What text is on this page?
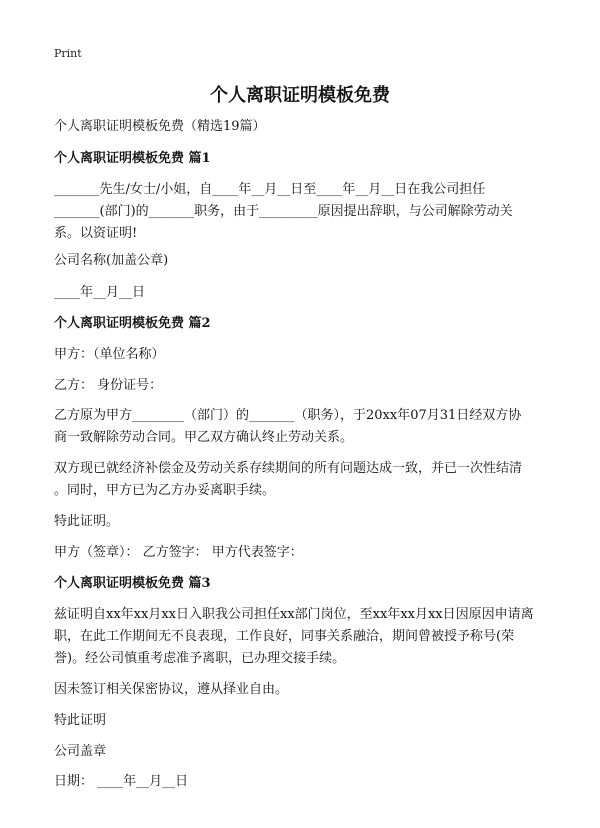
Print
个人离职证明模板免费

个人离职证明模板免费（精选19篇）

个人离职证明模板免费 篇1

_______先生/女士/小姐，自____年__月__日至____年__月__日在我公司担任

_______(部门)的_______职务，由于_________原因提出辞职，与公司解除劳动关

系。以资证明!

公司名称(加盖公章)

____年__月__日

个人离职证明模板免费 篇2

甲方：（单位名称）

乙方： 身份证号：

乙方原为甲方________（部门）的_______（职务），于20xx年07月31日经双方协

商一致解除劳动合同。甲乙双方确认终止劳动关系。

双方现已就经济补偿金及劳动关系存续期间的所有问题达成一致，并已一次性结清

。同时，甲方已为乙方办妥离职手续。

特此证明。

甲方（签章）： 乙方签字： 甲方代表签字：

个人离职证明模板免费 篇3

兹证明自xx年xx月xx日入职我公司担任xx部门岗位，至xx年xx月xx日因原因申请离

职，在此工作期间无不良表现，工作良好，同事关系融洽，期间曾被授予称号(荣

誉)。经公司慎重考虑准予离职，已办理交接手续。

因未签订相关保密协议，遵从择业自由。

特此证明

公司盖章

日期： ____年__月__日
